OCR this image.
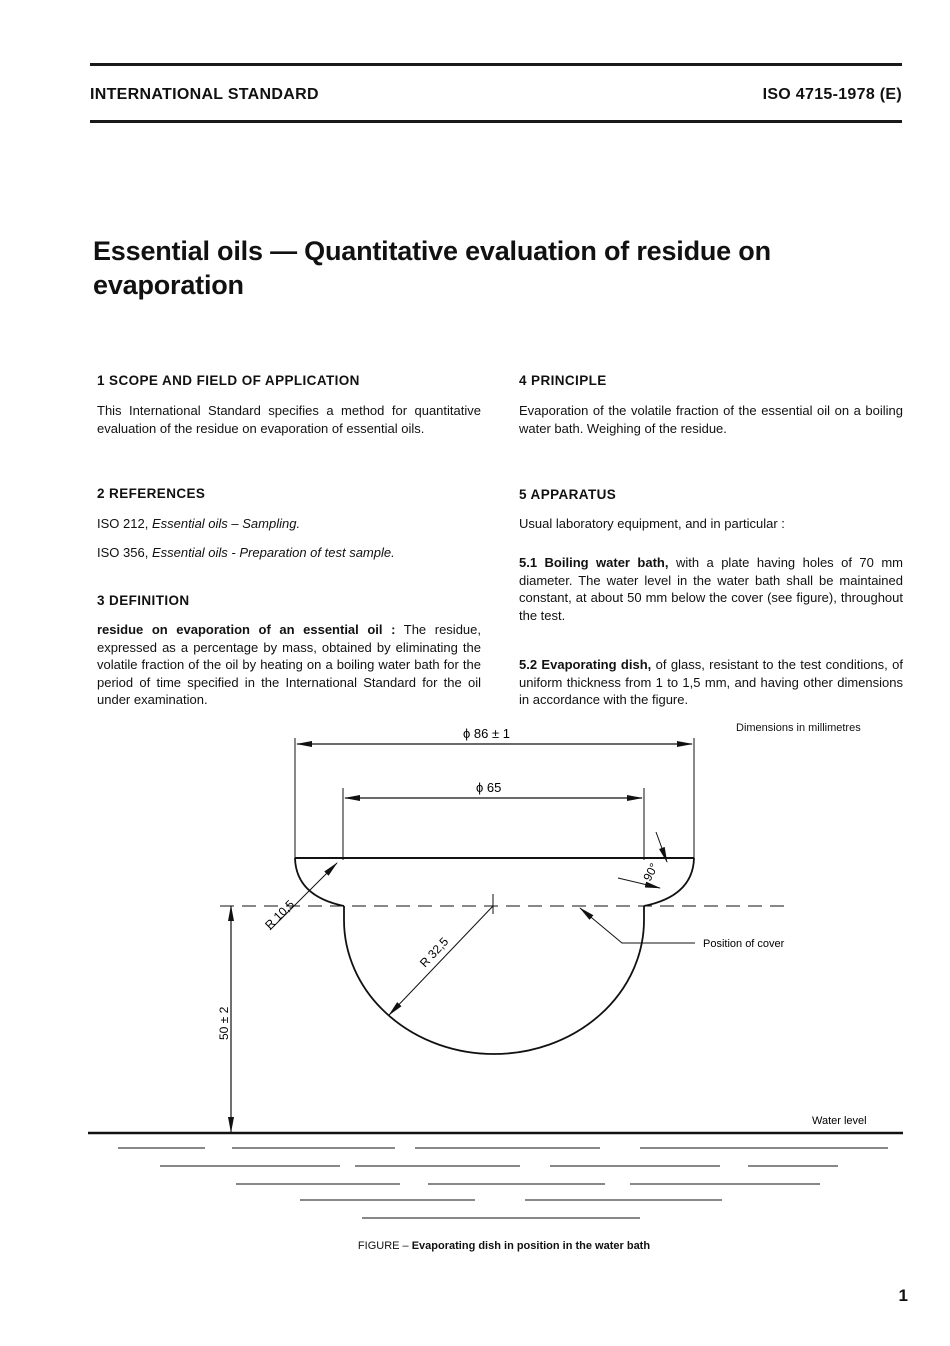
INTERNATIONAL STANDARD	ISO 4715-1978 (E)
Essential oils — Quantitative evaluation of residue on evaporation
1 SCOPE AND FIELD OF APPLICATION
This International Standard specifies a method for quantitative evaluation of the residue on evaporation of essential oils.
2 REFERENCES
ISO 212, Essential oils – Sampling.
ISO 356, Essential oils - Preparation of test sample.
3 DEFINITION
residue on evaporation of an essential oil : The residue, expressed as a percentage by mass, obtained by eliminating the volatile fraction of the oil by heating on a boiling water bath for the period of time specified in the International Standard for the oil under examination.
4 PRINCIPLE
Evaporation of the volatile fraction of the essential oil on a boiling water bath. Weighing of the residue.
5 APPARATUS
Usual laboratory equipment, and in particular :
5.1 Boiling water bath, with a plate having holes of 70 mm diameter. The water level in the water bath shall be maintained constant, at about 50 mm below the cover (see figure), throughout the test.
5.2 Evaporating dish, of glass, resistant to the test conditions, of uniform thickness from 1 to 1,5 mm, and having other dimensions in accordance with the figure.
Dimensions in millimetres
ϕ 86 ± 1
ϕ 65
R 10,5
R 32,5
90°
Position of cover
50 ± 2
Water level
FIGURE – Evaporating dish in position in the water bath
1
